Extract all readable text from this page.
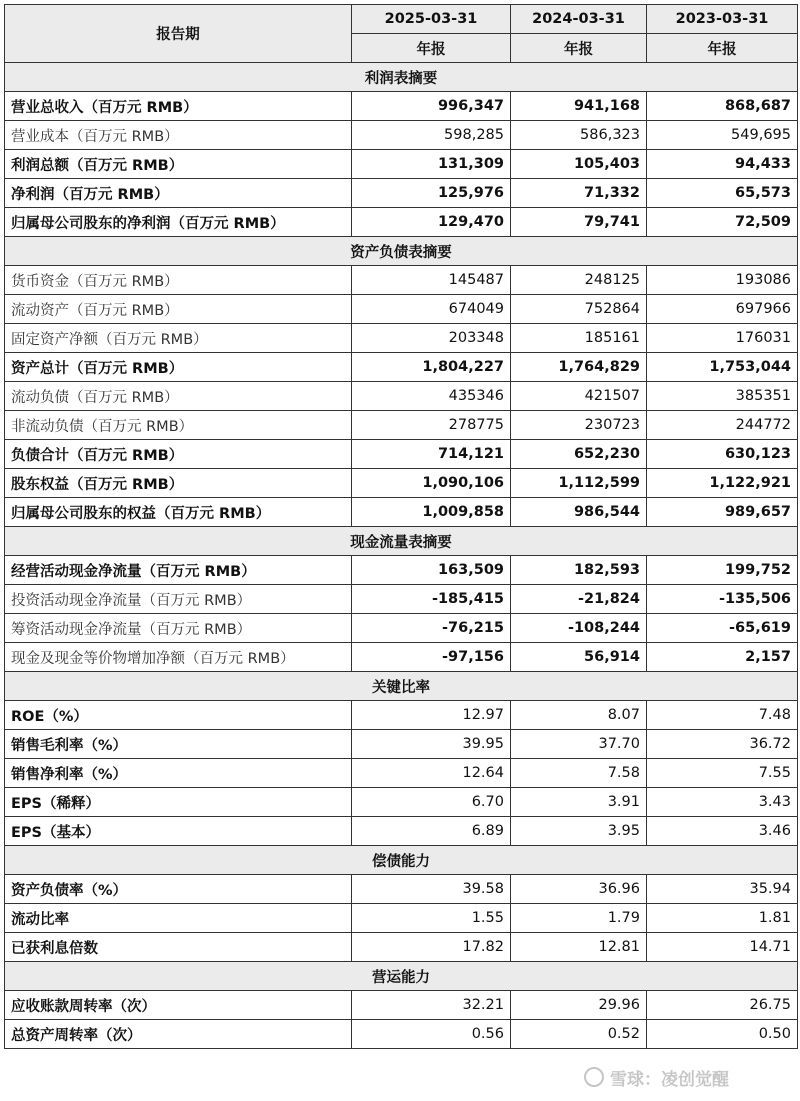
报告期	2025-03-31	2024-03-31	2023-03-31
	年报	年报	年报
利润表摘要			
营业总收入（百万元 RMB）	996,347	941,168	868,687
营业成本（百万元 RMB）	598,285	586,323	549,695
利润总额（百万元 RMB）	131,309	105,403	94,433
净利润（百万元 RMB）	125,976	71,332	65,573
归属母公司股东的净利润（百万元 RMB）	129,470	79,741	72,509
资产负债表摘要			
货币资金（百万元 RMB）	145487	248125	193086
流动资产（百万元 RMB）	674049	752864	697966
固定资产净额（百万元 RMB）	203348	185161	176031
资产总计（百万元 RMB）	1,804,227	1,764,829	1,753,044
流动负债（百万元 RMB）	435346	421507	385351
非流动负债（百万元 RMB）	278775	230723	244772
负债合计（百万元 RMB）	714,121	652,230	630,123
股东权益（百万元 RMB）	1,090,106	1,112,599	1,122,921
归属母公司股东的权益（百万元 RMB）	1,009,858	986,544	989,657
现金流量表摘要			
经营活动现金净流量（百万元 RMB）	163,509	182,593	199,752
投资活动现金净流量（百万元 RMB）	-185,415	-21,824	-135,506
筹资活动现金净流量（百万元 RMB）	-76,215	-108,244	-65,619
现金及现金等价物增加净额（百万元 RMB）	-97,156	56,914	2,157
关键比率			
ROE（%）	12.97	8.07	7.48
销售毛利率（%）	39.95	37.70	36.72
销售净利率（%）	12.64	7.58	7.55
EPS（稀释）	6.70	3.91	3.43
EPS（基本）	6.89	3.95	3.46
偿债能力			
资产负债率（%）	39.58	36.96	35.94
流动比率	1.55	1.79	1.81
已获利息倍数	17.82	12.81	14.71
营运能力			
应收账款周转率（次）	32.21	29.96	26.75
总资产周转率（次）	0.56	0.52	0.50
雪球：凌创觉醒
